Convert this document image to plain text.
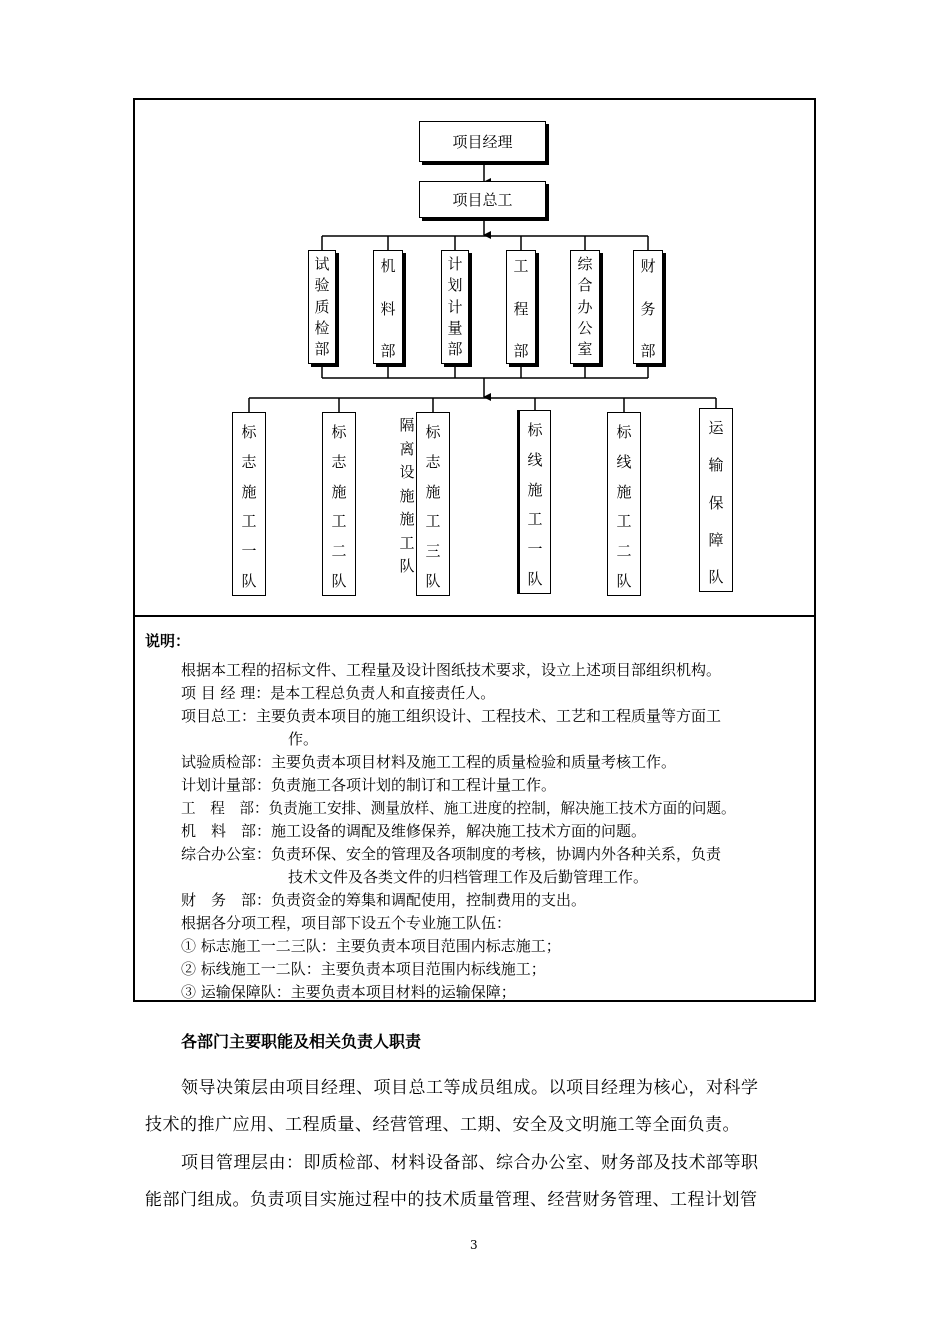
项目经理
项目总工
试
验
质
检
部
机
料
部
计
划
计
量
部
工
程
部
综
合
办
公
室
财
务
部
标
志
施
工
一
队
标
志
施
工
二
队
隔
离
设
施
施
工
队
标
志
施
工
三
队
标
线
施
工
一
队
标
线
施
工
二
队
运
输
保
障
队
说明：
根据本工程的招标文件、工程量及设计图纸技术要求，设立上述项目部组织机构。
项 目 经 理：是本工程总负责人和直接责任人。
项目总工：主要负责本项目的施工组织设计、工程技术、工艺和工程质量等方面工
作。
试验质检部：主要负责本项目材料及施工工程的质量检验和质量考核工作。
计划计量部：负责施工各项计划的制订和工程计量工作。
工　程　部：负责施工安排、测量放样、施工进度的控制，解决施工技术方面的问题。
机　料　部：施工设备的调配及维修保养，解决施工技术方面的问题。
综合办公室：负责环保、安全的管理及各项制度的考核，协调内外各种关系，负责
技术文件及各类文件的归档管理工作及后勤管理工作。
财　务　部：负责资金的筹集和调配使用，控制费用的支出。
根据各分项工程，项目部下设五个专业施工队伍：
① 标志施工一二三队：主要负责本项目范围内标志施工；
② 标线施工一二队：主要负责本项目范围内标线施工；
③ 运输保障队：主要负责本项目材料的运输保障；
各部门主要职能及相关负责人职责
领导决策层由项目经理、项目总工等成员组成。以项目经理为核心，对科学
技术的推广应用、工程质量、经营管理、工期、安全及文明施工等全面负责。
项目管理层由：即质检部、材料设备部、综合办公室、财务部及技术部等职
能部门组成。负责项目实施过程中的技术质量管理、经营财务管理、工程计划管
3
